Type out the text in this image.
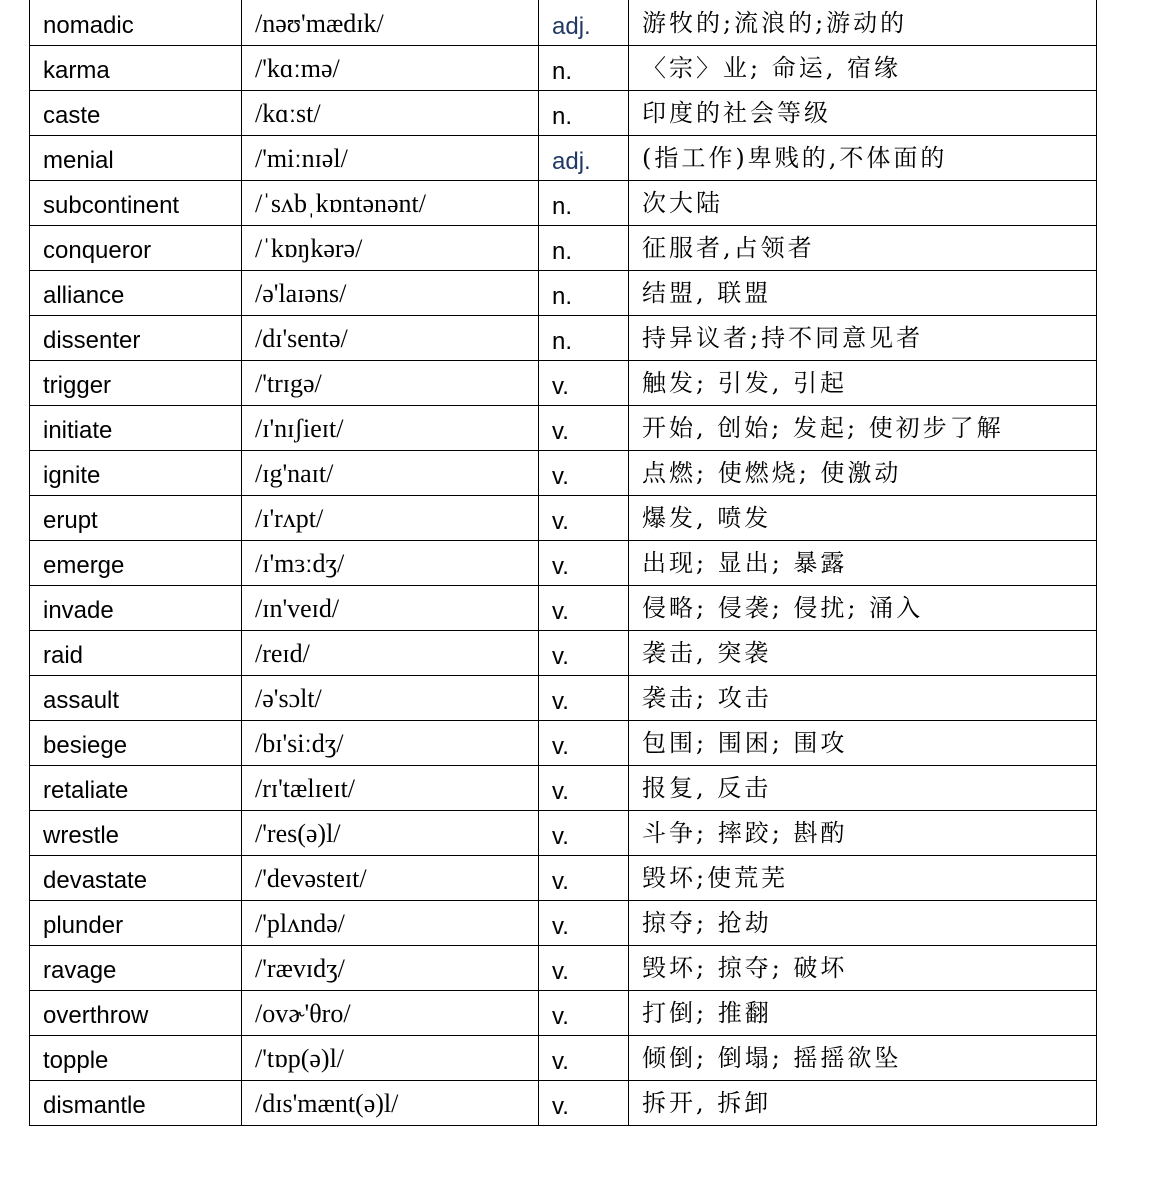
nomadic	/nəʊ'mædɪk/	adj.	游牧的;流浪的;游动的
karma	/'kɑːmə/	n.	〈宗〉业; 命运, 宿缘
caste	/kɑːst/	n.	印度的社会等级
menial	/'miːnɪəl/	adj.	(指工作)卑贱的,不体面的
subcontinent	/ˈsʌbˌkɒntənənt/	n.	次大陆
conqueror	/ˈkɒŋkərə/	n.	征服者,占领者
alliance	/ə'laɪəns/	n.	结盟, 联盟
dissenter	/dɪ'sentə/	n.	持异议者;持不同意见者
trigger	/'trɪgə/	v.	触发; 引发, 引起
initiate	/ɪ'nɪʃieɪt/	v.	开始, 创始; 发起; 使初步了解
ignite	/ɪg'naɪt/	v.	点燃; 使燃烧; 使激动
erupt	/ɪ'rʌpt/	v.	爆发, 喷发
emerge	/ɪ'mɜːdʒ/	v.	出现; 显出; 暴露
invade	/ɪn'veɪd/	v.	侵略; 侵袭; 侵扰; 涌入
raid	/reɪd/	v.	袭击, 突袭
assault	/ə'sɔlt/	v.	袭击; 攻击
besiege	/bɪ'siːdʒ/	v.	包围; 围困; 围攻
retaliate	/rɪ'tælɪeɪt/	v.	报复, 反击
wrestle	/'res(ə)l/	v.	斗争; 摔跤; 斟酌
devastate	/'devəsteɪt/	v.	毁坏;使荒芜
plunder	/'plʌndə/	v.	掠夺; 抢劫
ravage	/'rævɪdʒ/	v.	毁坏; 掠夺; 破坏
overthrow	/ovɚ'θro/	v.	打倒; 推翻
topple	/'tɒp(ə)l/	v.	倾倒; 倒塌; 摇摇欲坠
dismantle	/dɪs'mænt(ə)l/	v.	拆开, 拆卸
